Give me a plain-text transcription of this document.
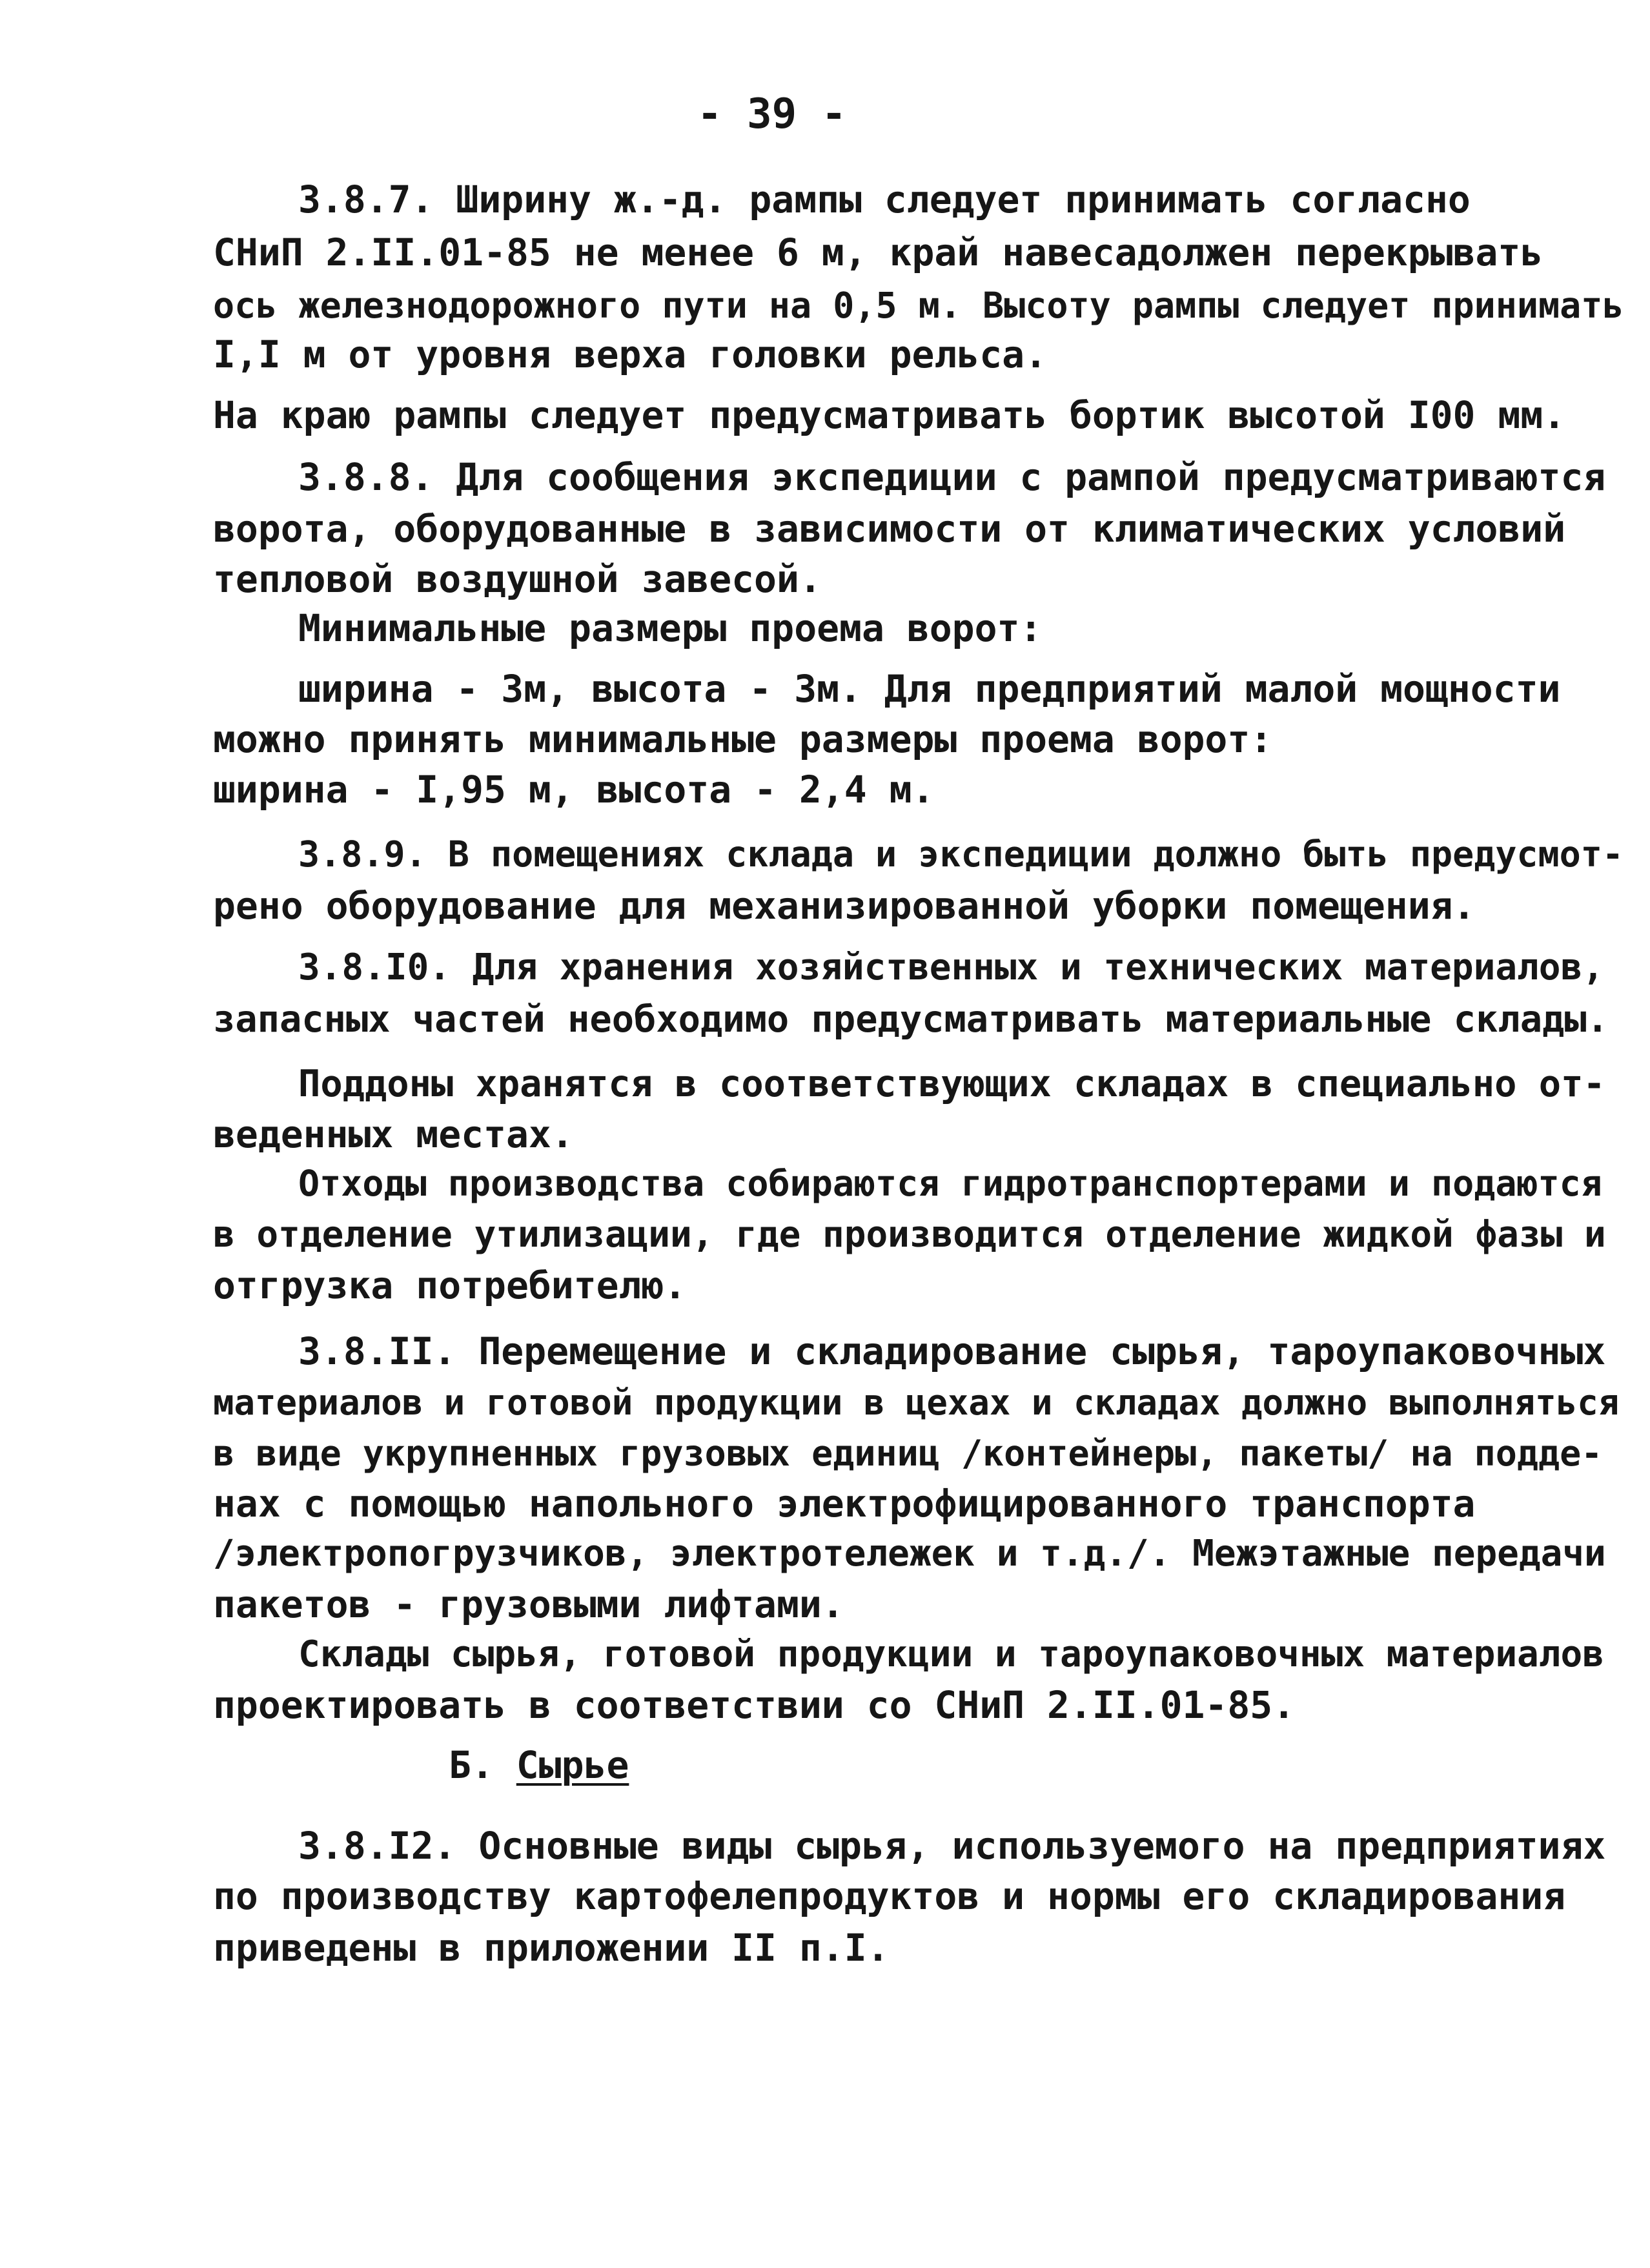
- 39 -
3.8.7. Ширину ж.-д. рампы следует принимать согласно
СНиП 2.II.01-85 не менее 6 м, край навесадолжен перекрывать
ось железнодорожного пути на 0,5 м. Высоту рампы следует принимать
I,I м от уровня верха головки рельса.
На краю рампы следует предусматривать бортик высотой I00 мм.
3.8.8. Для сообщения экспедиции с рампой предусматриваются
ворота, оборудованные в зависимости от климатических условий
тепловой воздушной завесой.
Минимальные размеры проема ворот:
ширина - 3м, высота - 3м. Для предприятий малой мощности
можно принять минимальные размеры проема ворот:
ширина - I,95 м, высота - 2,4 м.
3.8.9. В помещениях склада и экспедиции должно быть предусмот-
рено оборудование для механизированной уборки помещения.
3.8.I0. Для хранения хозяйственных и технических материалов,
запасных частей необходимо предусматривать материальные склады.
Поддоны хранятся в соответствующих складах в специально от-
веденных местах.
Отходы производства собираются гидротранспортерами и подаются
в отделение утилизации, где производится отделение жидкой фазы и
отгрузка потребителю.
3.8.II. Перемещение и складирование сырья, тароупаковочных
материалов и готовой продукции в цехах и складах должно выполняться
в виде укрупненных грузовых единиц /контейнеры, пакеты/ на подде-
нах с помощью напольного электрофицированного транспорта
/электропогрузчиков, электротележек и т.д./. Межэтажные передачи
пакетов - грузовыми лифтами.
Склады сырья, готовой продукции и тароупаковочных материалов
проектировать в соответствии со СНиП 2.II.01-85.
Б. Сырье
3.8.I2. Основные виды сырья, используемого на предприятиях
по производству картофелепродуктов и нормы его складирования
приведены в приложении II п.I.
